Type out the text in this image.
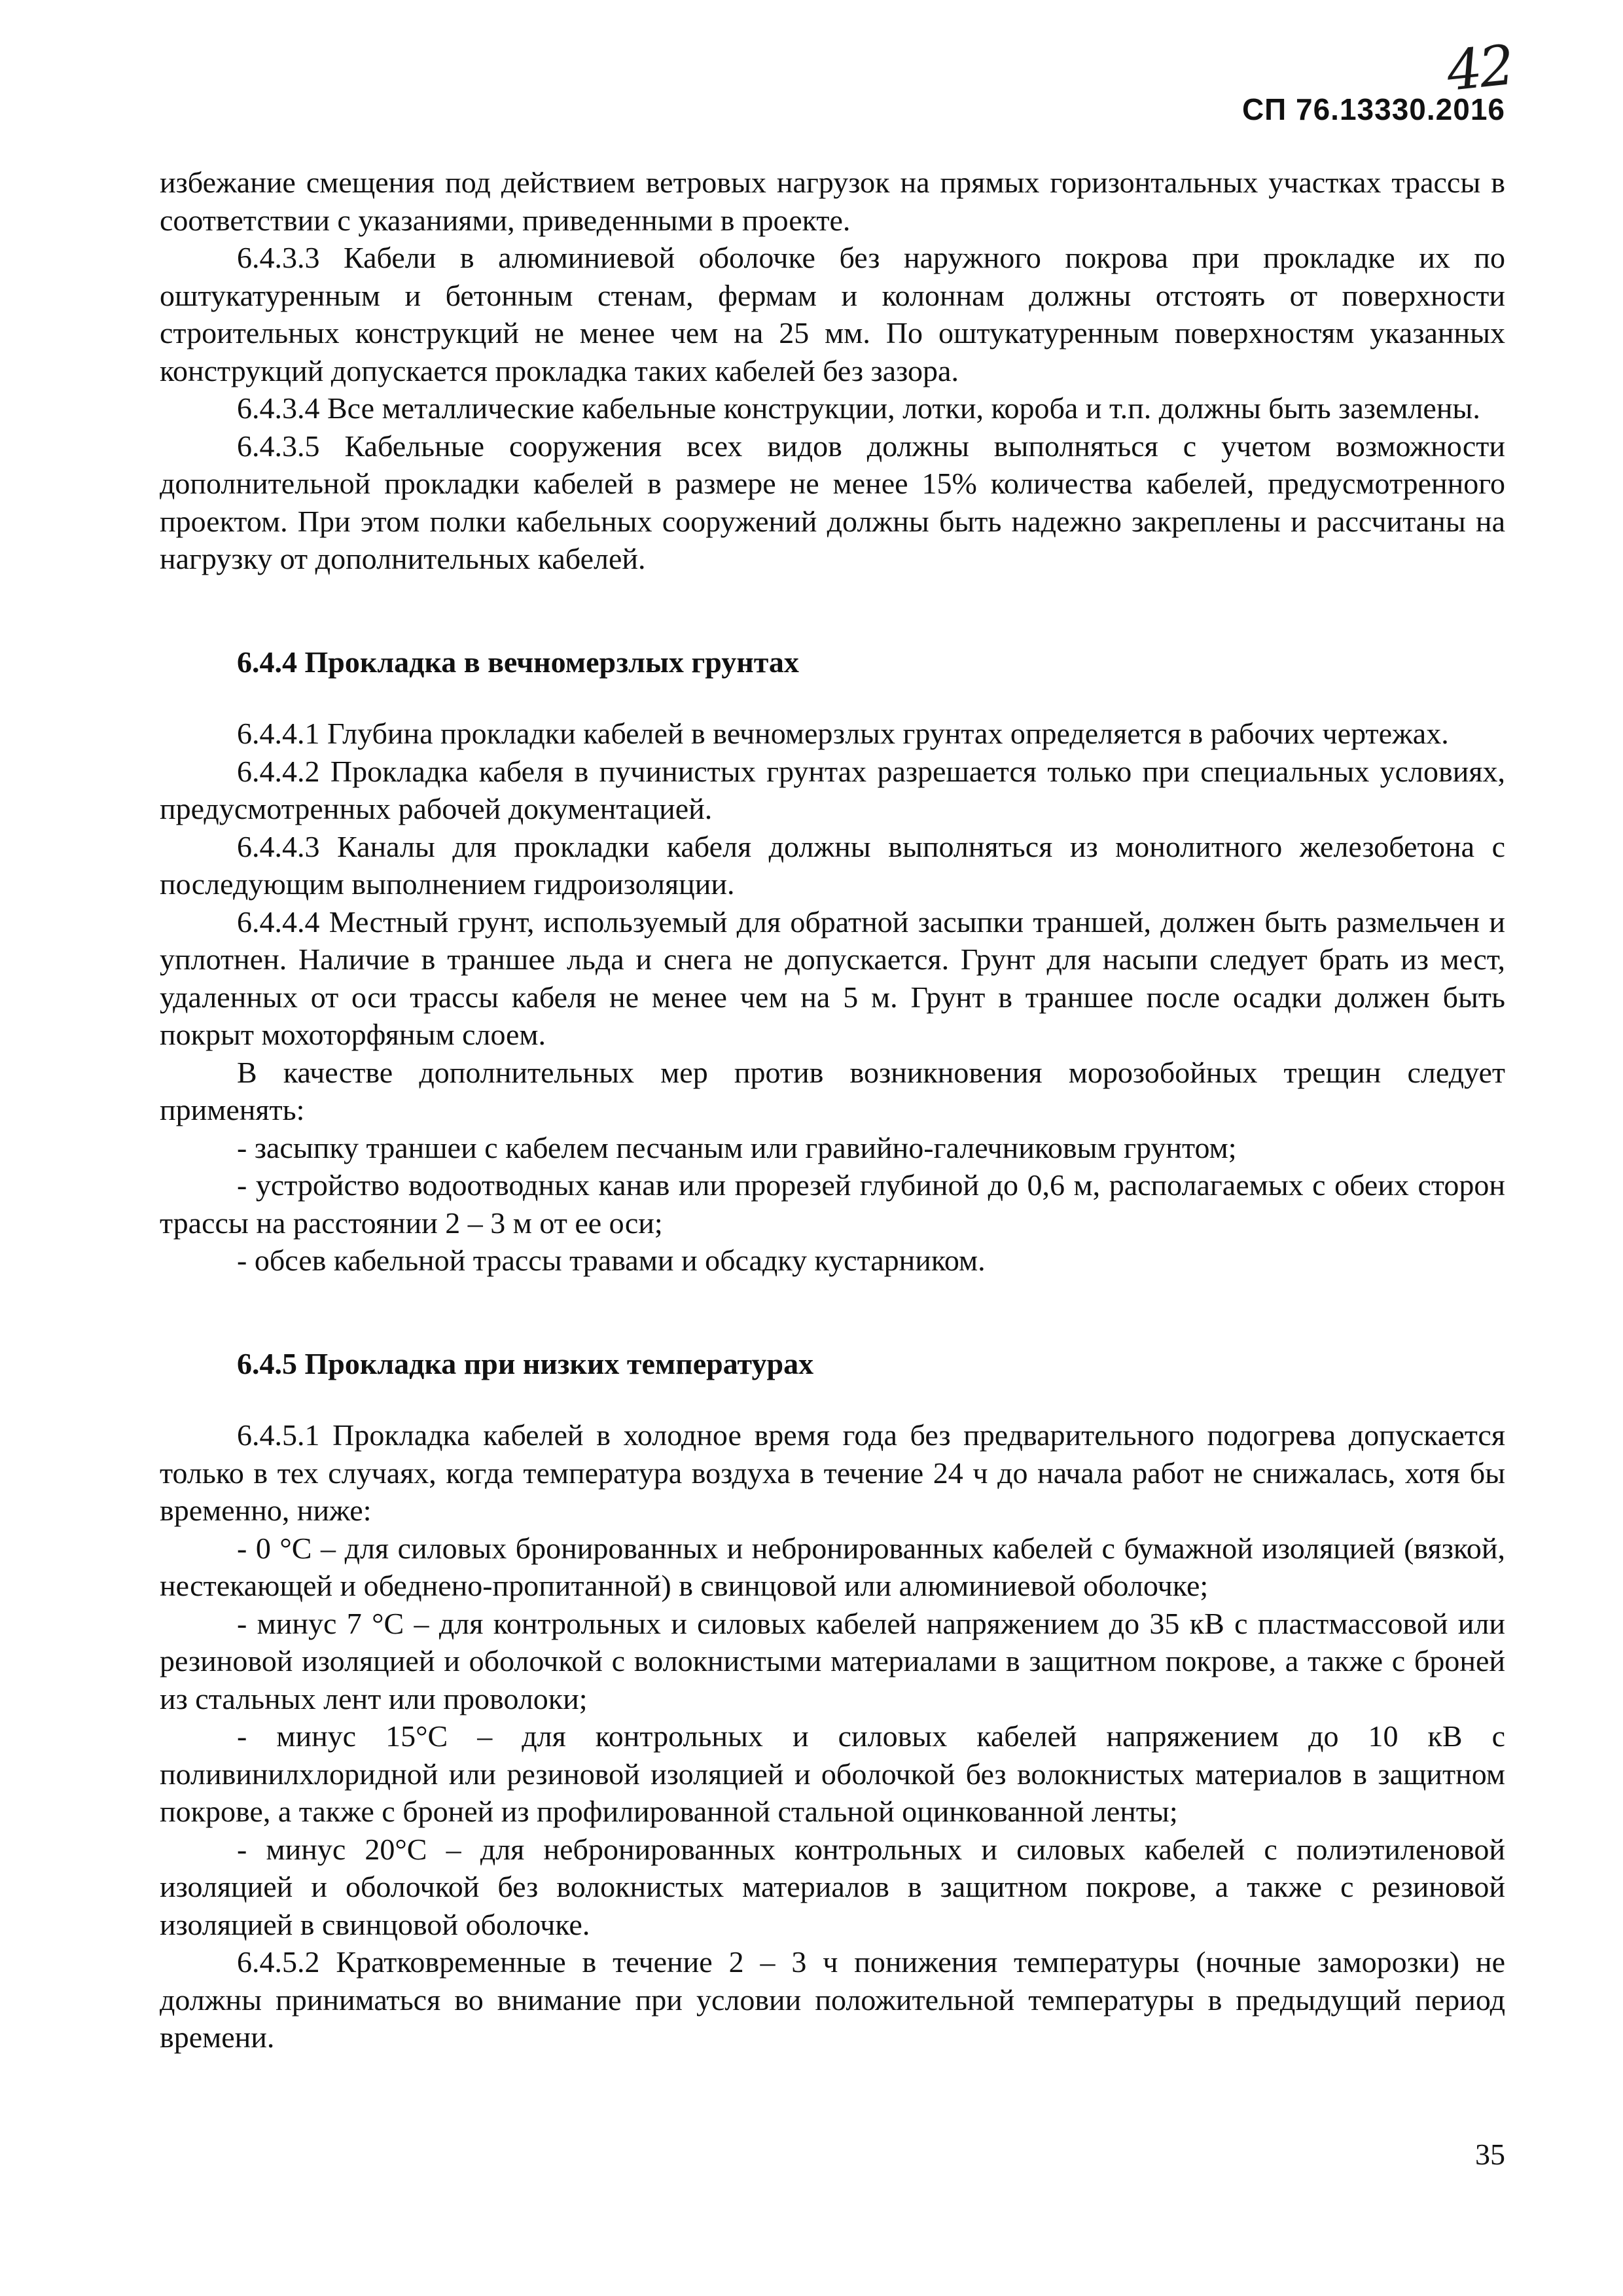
42
СП 76.13330.2016

избежание смещения под действием ветровых нагрузок на прямых горизонтальных участках трассы в соответствии с указаниями, приведенными в проекте.

6.4.3.3 Кабели в алюминиевой оболочке без наружного покрова при прокладке их по оштукатуренным и бетонным стенам, фермам и колоннам должны отстоять от поверхности строительных конструкций не менее чем на 25 мм. По оштукатуренным поверхностям указанных конструкций допускается прокладка таких кабелей без зазора.

6.4.3.4 Все металлические кабельные конструкции, лотки, короба и т.п. должны быть заземлены.

6.4.3.5 Кабельные сооружения всех видов должны выполняться с учетом возможности дополнительной прокладки кабелей в размере не менее 15% количества кабелей, предусмотренного проектом. При этом полки кабельных сооружений должны быть надежно закреплены и рассчитаны на нагрузку от дополнительных кабелей.

6.4.4 Прокладка в вечномерзлых грунтах

6.4.4.1 Глубина прокладки кабелей в вечномерзлых грунтах определяется в рабочих чертежах.

6.4.4.2 Прокладка кабеля в пучинистых грунтах разрешается только при специальных условиях, предусмотренных рабочей документацией.

6.4.4.3 Каналы для прокладки кабеля должны выполняться из монолитного железобетона с последующим выполнением гидроизоляции.

6.4.4.4 Местный грунт, используемый для обратной засыпки траншей, должен быть размельчен и уплотнен. Наличие в траншее льда и снега не допускается. Грунт для насыпи следует брать из мест, удаленных от оси трассы кабеля не менее чем на 5 м. Грунт в траншее после осадки должен быть покрыт мохоторфяным слоем.

В качестве дополнительных мер против возникновения морозобойных трещин следует применять:

- засыпку траншеи с кабелем песчаным или гравийно-галечниковым грунтом;

- устройство водоотводных канав или прорезей глубиной до 0,6 м, располагаемых с обеих сторон трассы на расстоянии 2 – 3 м от ее оси;

- обсев кабельной трассы травами и обсадку кустарником.

6.4.5 Прокладка при низких температурах

6.4.5.1 Прокладка кабелей в холодное время года без предварительного подогрева допускается только в тех случаях, когда температура воздуха в течение 24 ч до начала работ не снижалась, хотя бы временно, ниже:

- 0 °С – для силовых бронированных и небронированных кабелей с бумажной изоляцией (вязкой, нестекающей и обеднено-пропитанной) в свинцовой или алюминиевой оболочке;

- минус 7 °С – для контрольных и силовых кабелей напряжением до 35 кВ с пластмассовой или резиновой изоляцией и оболочкой с волокнистыми материалами в защитном покрове, а также с броней из стальных лент или проволоки;

- минус 15°С – для контрольных и силовых кабелей напряжением до 10 кВ с поливинилхлоридной или резиновой изоляцией и оболочкой без волокнистых материалов в защитном покрове, а также с броней из профилированной стальной оцинкованной ленты;

- минус 20°С – для небронированных контрольных и силовых кабелей с полиэтиленовой изоляцией и оболочкой без волокнистых материалов в защитном покрове, а также с резиновой изоляцией в свинцовой оболочке.

6.4.5.2 Кратковременные в течение 2 – 3 ч понижения температуры (ночные заморозки) не должны приниматься во внимание при условии положительной температуры в предыдущий период времени.

35
